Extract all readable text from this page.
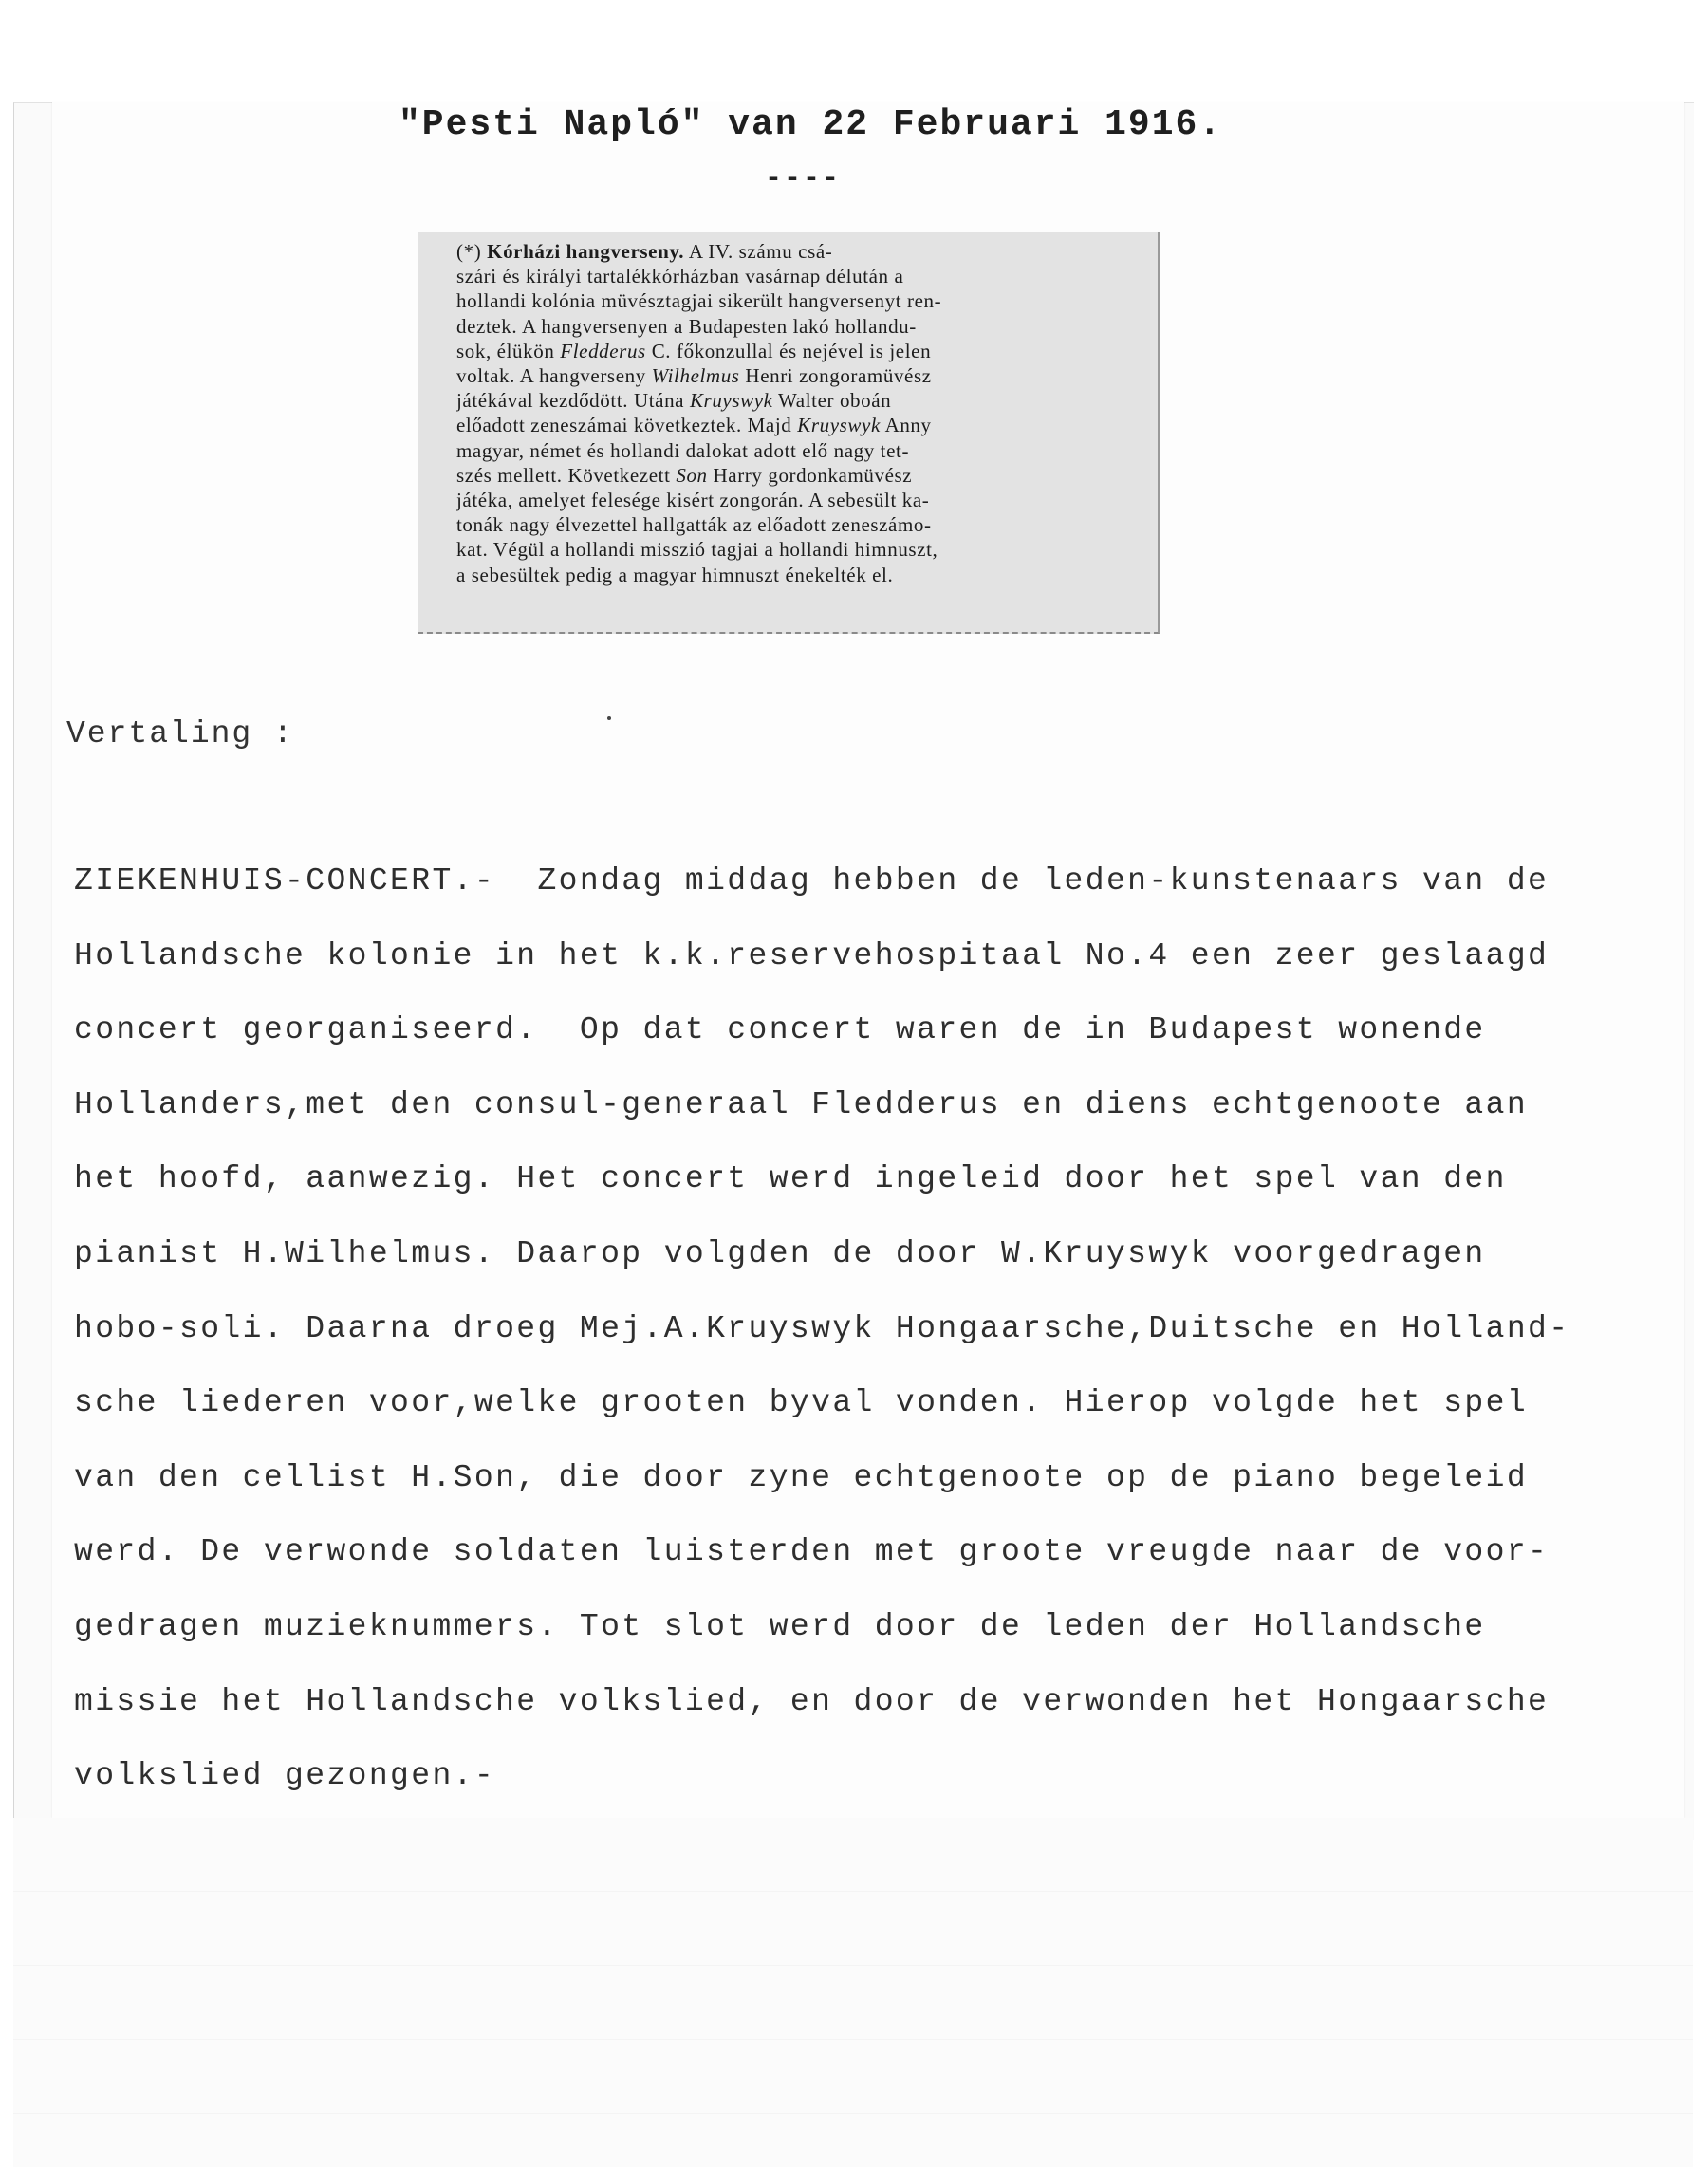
"Pesti Napló" van 22 Februari 1916.
----
(*) Kórházi hangverseny. A IV. számu csá-
szári és királyi tartalékkórházban vasárnap délután a
hollandi kolónia müvésztagjai sikerült hangversenyt ren-
deztek. A hangversenyen a Budapesten lakó hollandu-
sok, élükön Fledderus C. főkonzullal és nejével is jelen
voltak. A hangverseny Wilhelmus Henri zongoramüvész
játékával kezdődött. Utána Kruyswyk Walter oboán
előadott zeneszámai következtek. Majd Kruyswyk Anny
magyar, német és hollandi dalokat adott elő nagy tet-
szés mellett. Következett Son Harry gordonkamüvész
játéka, amelyet felesége kisért zongorán. A sebesült ka-
tonák nagy élvezettel hallgatták az előadott zeneszámo-
kat. Végül a hollandi misszió tagjai a hollandi himnuszt,
a sebesültek pedig a magyar himnuszt énekelték el.
Vertaling :
ZIEKENHUIS-CONCERT.-  Zondag middag hebben de leden-kunstenaars van de
Hollandsche kolonie in het k.k.reservehospitaal No.4 een zeer geslaagd
concert georganiseerd.  Op dat concert waren de in Budapest wonende
Hollanders,met den consul-generaal Fledderus en diens echtgenoote aan
het hoofd, aanwezig. Het concert werd ingeleid door het spel van den
pianist H.Wilhelmus. Daarop volgden de door W.Kruyswyk voorgedragen
hobo-soli. Daarna droeg Mej.A.Kruyswyk Hongaarsche,Duitsche en Holland-
sche liederen voor,welke grooten byval vonden. Hierop volgde het spel
van den cellist H.Son, die door zyne echtgenoote op de piano begeleid
werd. De verwonde soldaten luisterden met groote vreugde naar de voor-
gedragen muzieknummers. Tot slot werd door de leden der Hollandsche
missie het Hollandsche volkslied, en door de verwonden het Hongaarsche
volkslied gezongen.-
